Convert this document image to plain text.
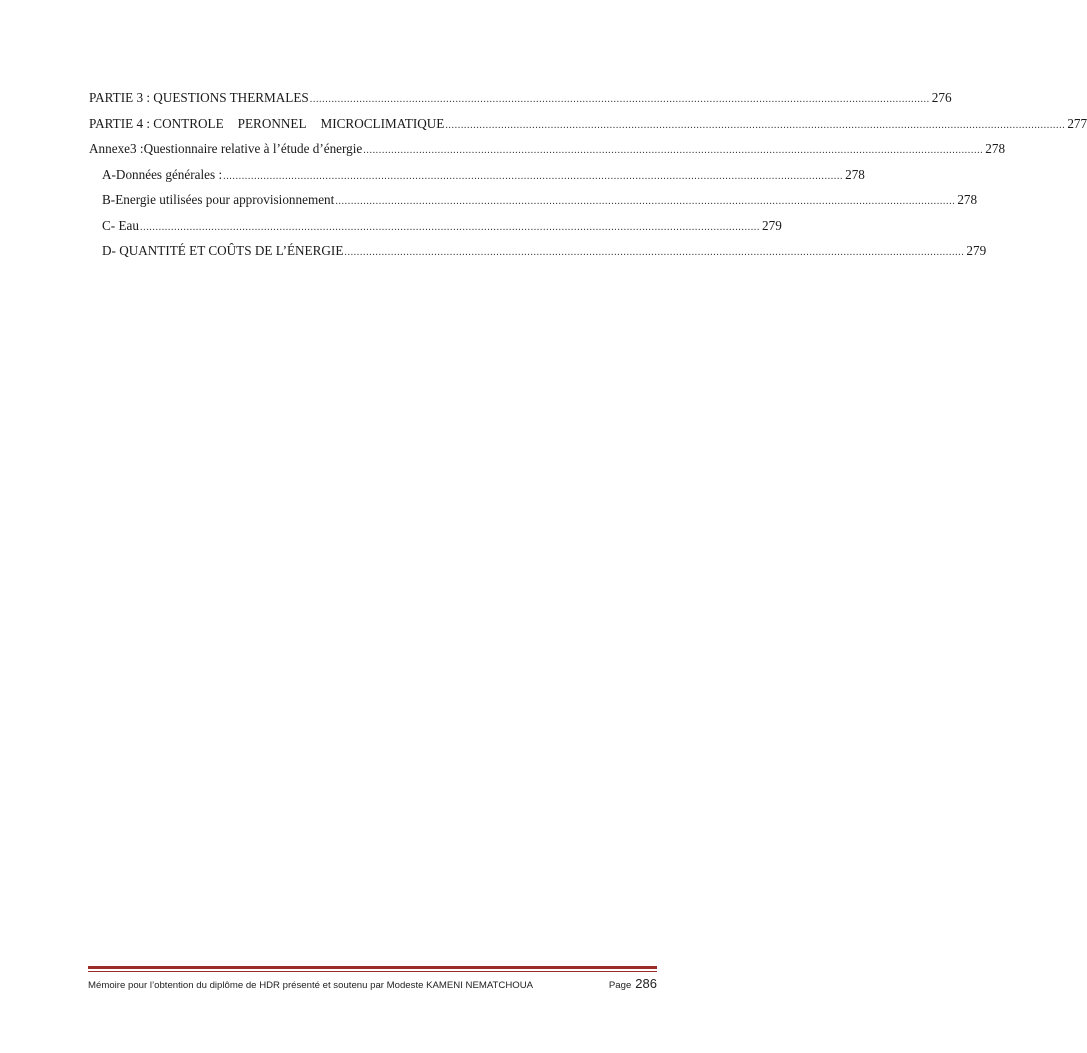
PARTIE 3 : QUESTIONS THERMALES ........................................................................................................................................................................................................ 276
PARTIE 4 : CONTROLE PERONNEL MICROCLIMATIQUE ........................................................................................................................................................................................................ 277
Annexe3 :Questionnaire relative à l’étude d’énergie ........................................................................................................................................................................................................ 278
A-Données générales : ........................................................................................................................................................................................................ 278
B-Energie utilisées pour approvisionnement ........................................................................................................................................................................................................ 278
C- Eau ........................................................................................................................................................................................................ 279
D- QUANTITÉ ET COÛTS DE L’ÉNERGIE ........................................................................................................................................................................................................ 279
Mémoire pour l’obtention du diplôme de HDR présenté et soutenu par Modeste KAMENI NEMATCHOUA	Page 286
